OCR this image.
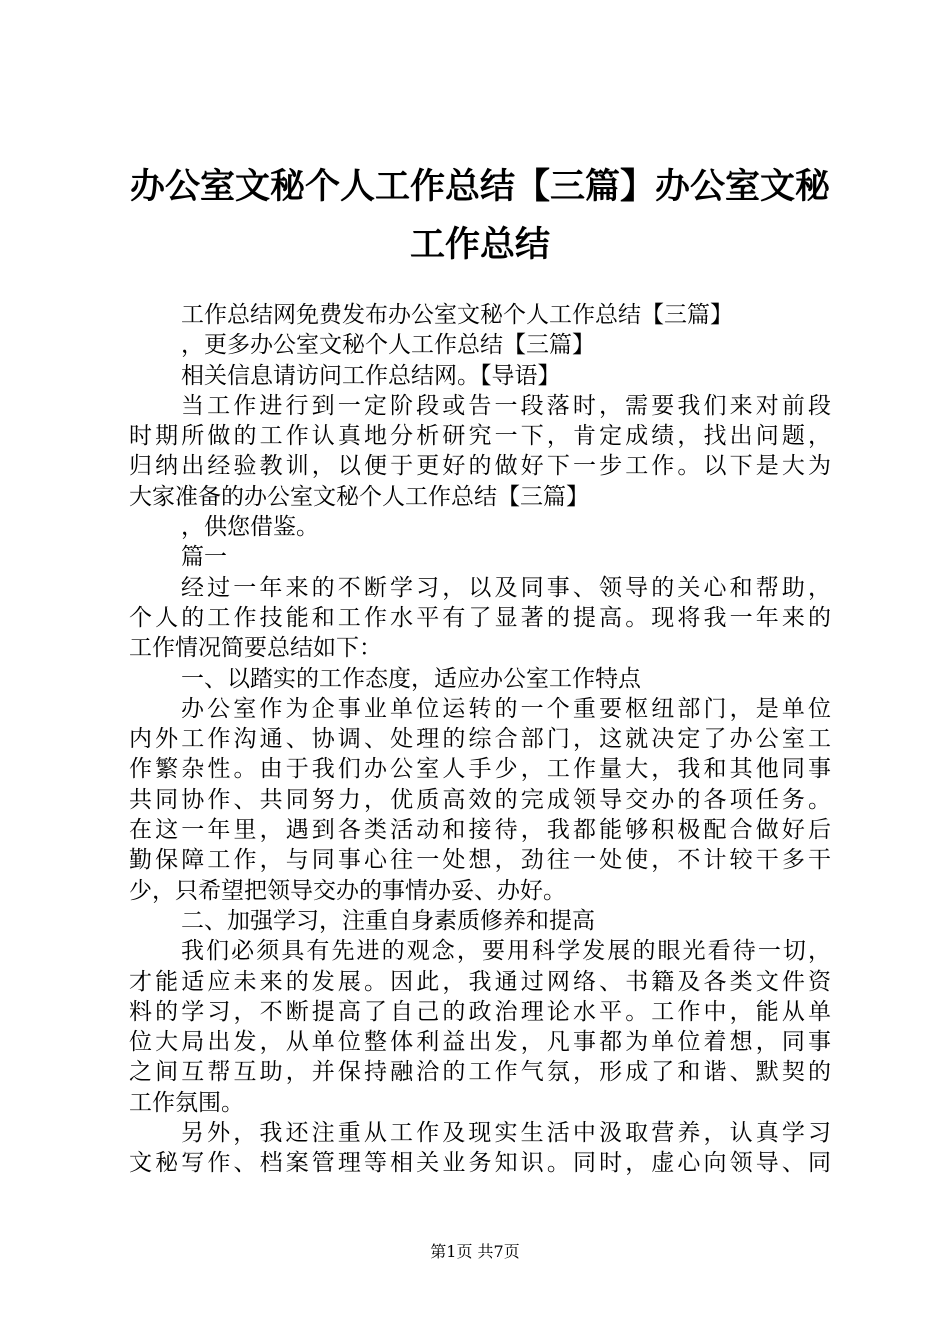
办公室文秘个人工作总结【三篇】办公室文秘
工作总结
工作总结网免费发布办公室文秘个人工作总结【三篇】
，更多办公室文秘个人工作总结【三篇】
相关信息请访问工作总结网。【导语】
当工作进行到一定阶段或告一段落时，需要我们来对前段
时期所做的工作认真地分析研究一下，肯定成绩，找出问题，
归纳出经验教训，以便于更好的做好下一步工作。以下是大为
大家准备的办公室文秘个人工作总结【三篇】
，供您借鉴。
篇一
经过一年来的不断学习，以及同事、领导的关心和帮助，
个人的工作技能和工作水平有了显著的提高。现将我一年来的
工作情况简要总结如下：
一、以踏实的工作态度，适应办公室工作特点
办公室作为企事业单位运转的一个重要枢纽部门，是单位
内外工作沟通、协调、处理的综合部门，这就决定了办公室工
作繁杂性。由于我们办公室人手少，工作量大，我和其他同事
共同协作、共同努力，优质高效的完成领导交办的各项任务。
在这一年里，遇到各类活动和接待，我都能够积极配合做好后
勤保障工作，与同事心往一处想，劲往一处使，不计较干多干
少，只希望把领导交办的事情办妥、办好。
二、加强学习，注重自身素质修养和提高
我们必须具有先进的观念，要用科学发展的眼光看待一切，
才能适应未来的发展。因此，我通过网络、书籍及各类文件资
料的学习，不断提高了自己的政治理论水平。工作中，能从单
位大局出发，从单位整体利益出发，凡事都为单位着想，同事
之间互帮互助，并保持融洽的工作气氛，形成了和谐、默契的
工作氛围。
另外，我还注重从工作及现实生活中汲取营养，认真学习
文秘写作、档案管理等相关业务知识。同时，虚心向领导、同
第1页 共7页
